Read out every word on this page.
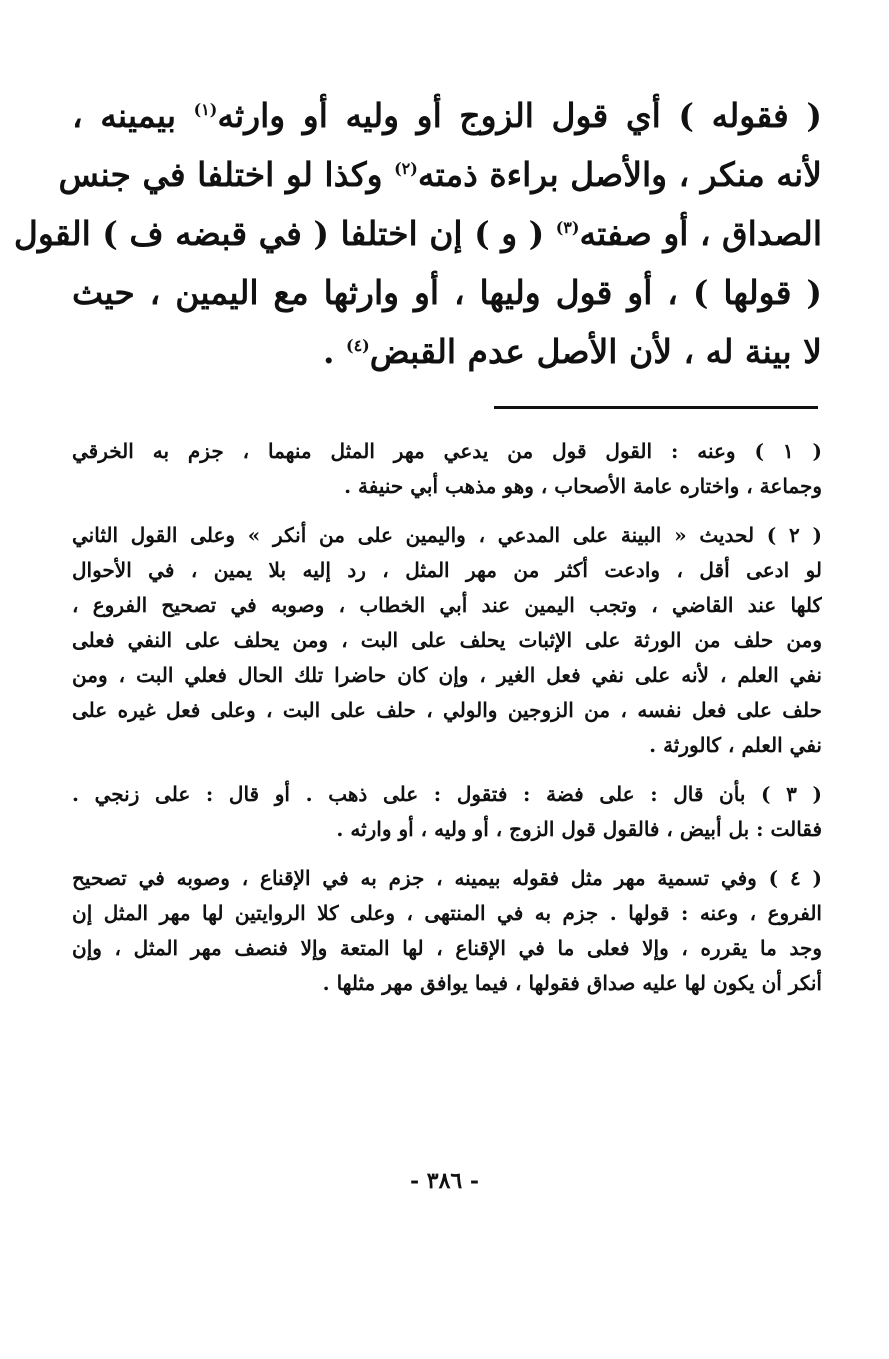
( فقوله ) أي قول الزوج أو وليه أو وارثه$^{(١)}$ بيمينه ،
لأنه منكر ، والأصل براءة ذمته$^{(٢)}$ وكذا لو اختلفا في جنس
الصداق ، أو صفته$^{(٣)}$ ( و ) إن اختلفا ( في قبضه ف ) القول
( قولها ) ، أو قول وليها ، أو وارثها مع اليمين ، حيث
لا بينة له ، لأن الأصل عدم القبض$^{(٤)}$ .
( ١ ) وعنه : القول قول من يدعي مهر المثل منهما ، جزم به الخرقي
وجماعة ، واختاره عامة الأصحاب ، وهو مذهب أبي حنيفة .
( ٢ ) لحديث « البينة على المدعي ، واليمين على من أنكر » وعلى القول الثاني
لو ادعى أقل ، وادعت أكثر من مهر المثل ، رد إليه بلا يمين ، في الأحوال
كلها عند القاضي ، وتجب اليمين عند أبي الخطاب ، وصوبه في تصحيح الفروع ،
ومن حلف من الورثة على الإثبات يحلف على البت ، ومن يحلف على النفي فعلى
نفي العلم ، لأنه على نفي فعل الغير ، وإن كان حاضرا تلك الحال فعلي البت ، ومن
حلف على فعل نفسه ، من الزوجين والولي ، حلف على البت ، وعلى فعل غيره على
نفي العلم ، كالورثة .
( ٣ ) بأن قال : على فضة : فتقول : على ذهب . أو قال : على زنجي .
فقالت : بل أبيض ، فالقول قول الزوج ، أو وليه ، أو وارثه .
( ٤ ) وفي تسمية مهر مثل فقوله بيمينه ، جزم به في الإقناع ، وصوبه في تصحيح
الفروع ، وعنه : قولها . جزم به في المنتهى ، وعلى كلا الروايتين لها مهر المثل إن
وجد ما يقرره ، وإلا فعلى ما في الإقناع ، لها المتعة وإلا فنصف مهر المثل ، وإن
أنكر أن يكون لها عليه صداق فقولها ، فيما يوافق مهر مثلها .
- ٣٨٦ -
